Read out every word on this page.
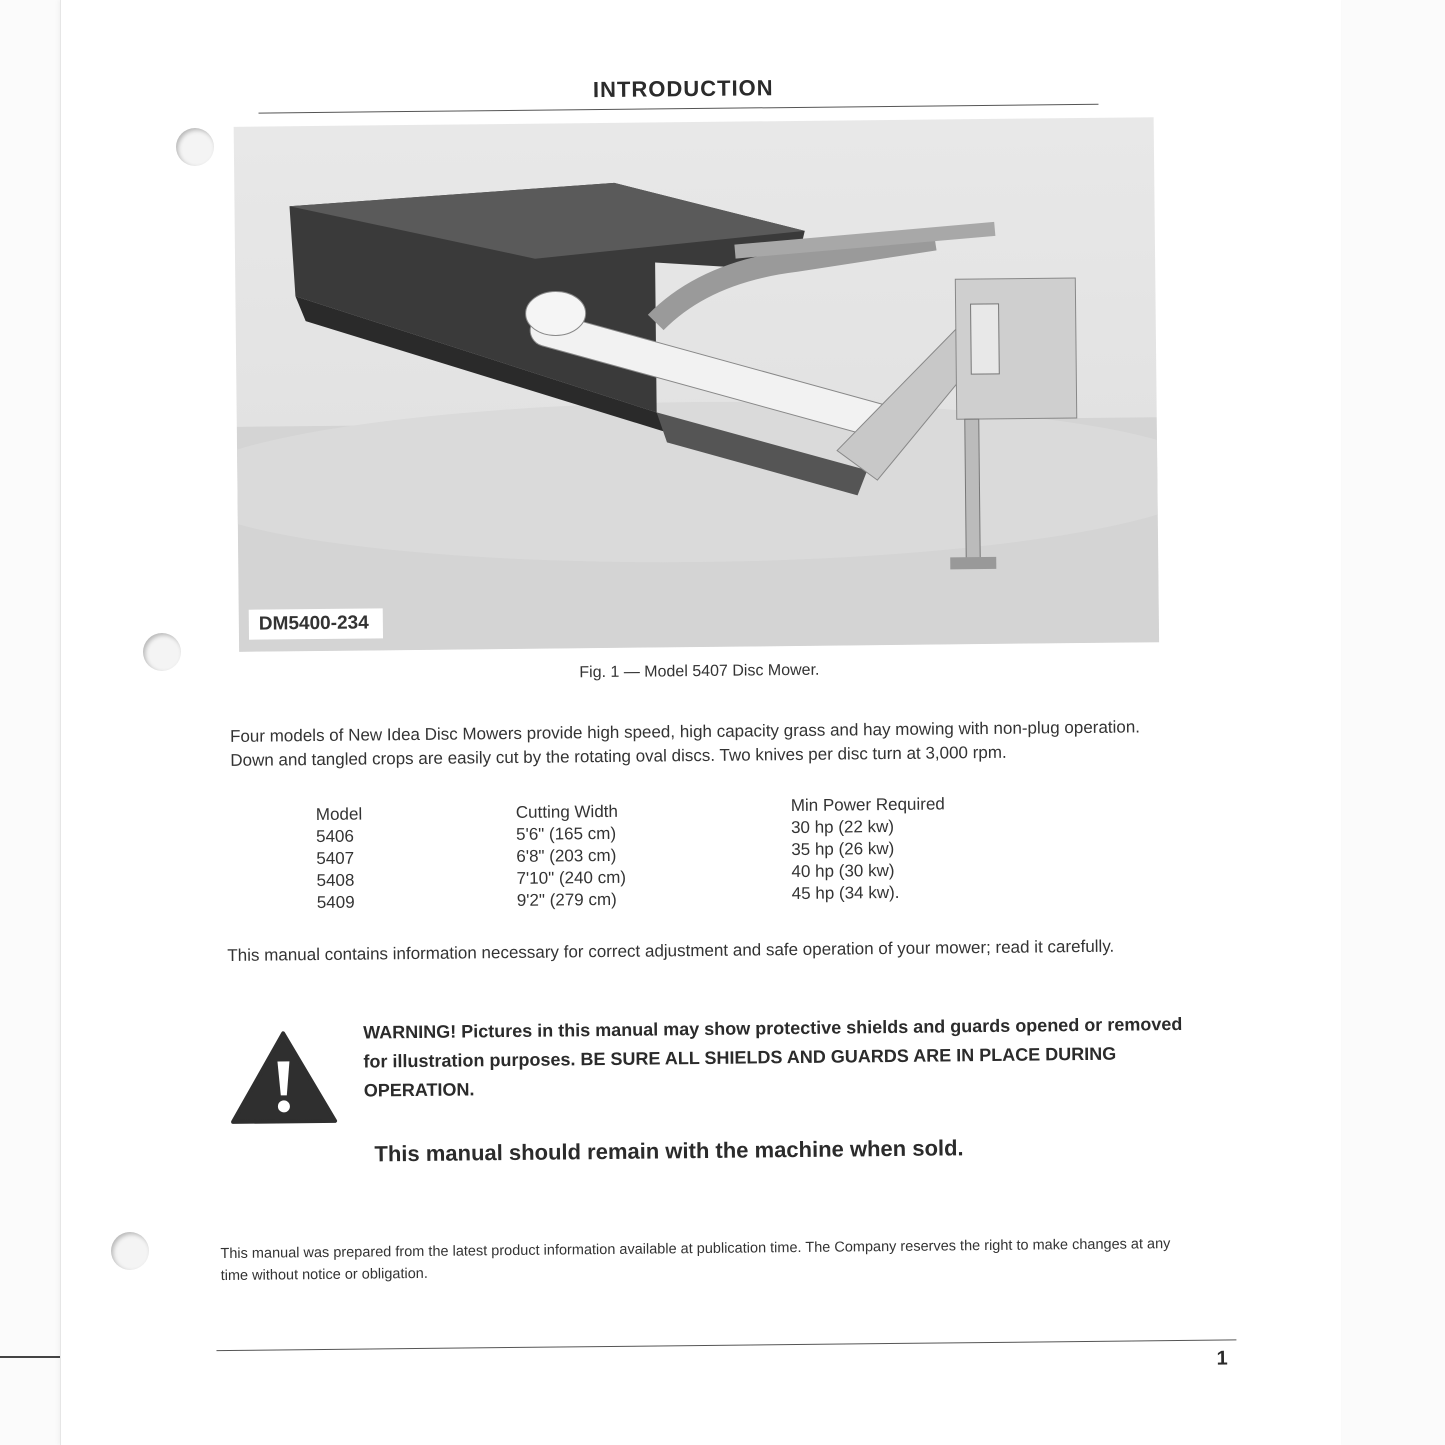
INTRODUCTION
DM5400-234
Fig. 1 — Model 5407 Disc Mower.
Four models of New Idea Disc Mowers provide high speed, high capacity grass and hay mowing with non-plug operation. Down and tangled crops are easily cut by the rotating oval discs. Two knives per disc turn at 3,000 rpm.
Model
5406
5407
5408
5409
Cutting Width
5'6" (165 cm)
6'8" (203 cm)
7'10" (240 cm)
9'2" (279 cm)
Min Power Required
30 hp (22 kw)
35 hp (26 kw)
40 hp (30 kw)
45 hp (34 kw).
This manual contains information necessary for correct adjustment and safe operation of your mower; read it carefully.
WARNING! Pictures in this manual may show protective shields and guards opened or removed for illustration purposes. BE SURE ALL SHIELDS AND GUARDS ARE IN PLACE DURING OPERATION.
This manual should remain with the machine when sold.
This manual was prepared from the latest product information available at publication time. The Company reserves the right to make changes at any time without notice or obligation.
1
